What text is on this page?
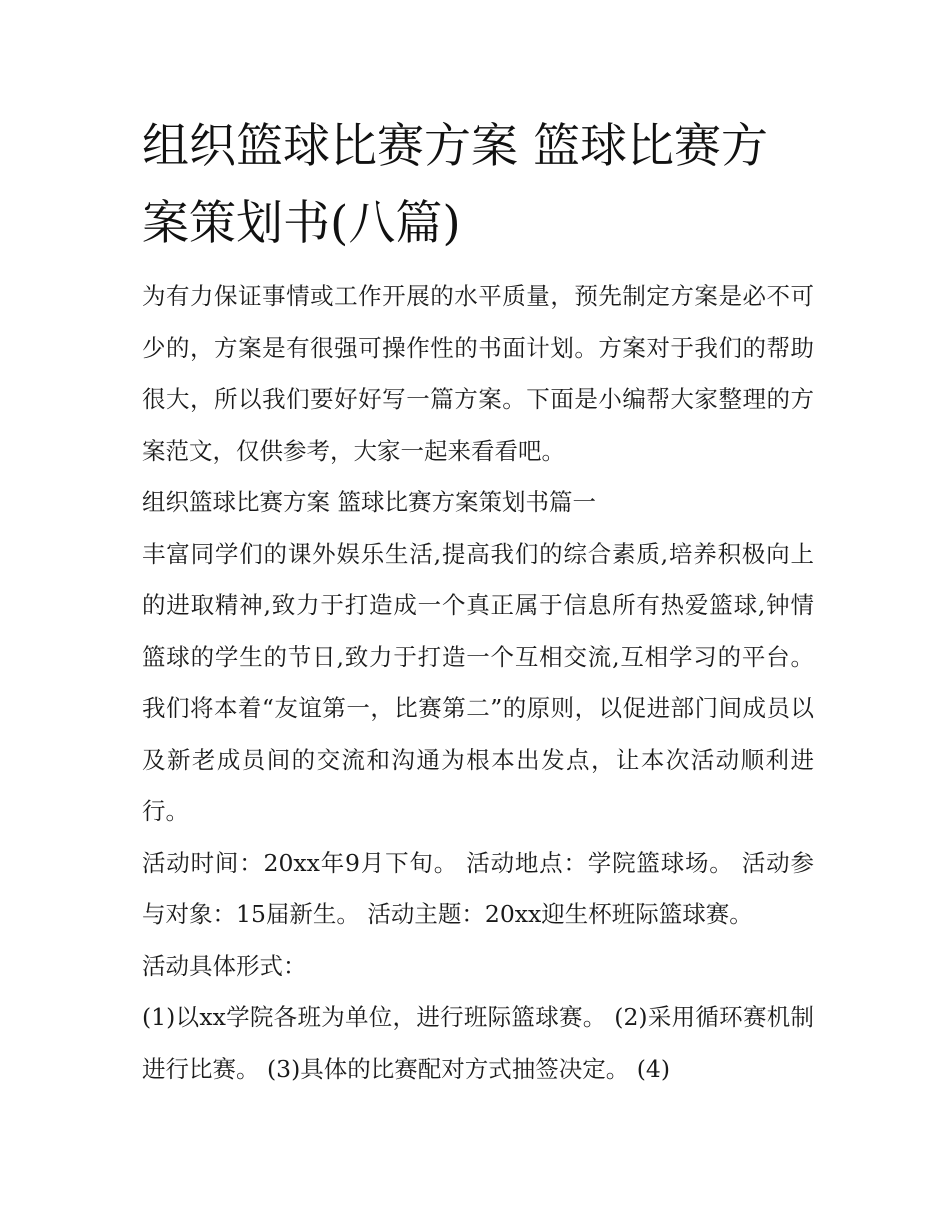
组织篮球比赛方案 篮球比赛方案策划书(八篇)

为有力保证事情或工作开展的水平质量，预先制定方案是必不可少的，方案是有很强可操作性的书面计划。方案对于我们的帮助很大，所以我们要好好写一篇方案。下面是小编帮大家整理的方案范文，仅供参考，大家一起来看看吧。

组织篮球比赛方案 篮球比赛方案策划书篇一

丰富同学们的课外娱乐生活,提高我们的综合素质,培养积极向上的进取精神,致力于打造成一个真正属于信息所有热爱篮球,钟情篮球的学生的节日,致力于打造一个互相交流,互相学习的平台。我们将本着“友谊第一，比赛第二”的原则，以促进部门间成员以及新老成员间的交流和沟通为根本出发点，让本次活动顺利进行。

活动时间：20xx年9月下旬。 活动地点：学院篮球场。 活动参与对象：15届新生。 活动主题：20xx迎生杯班际篮球赛。

活动具体形式：

(1)以xx学院各班为单位，进行班际篮球赛。 (2)采用循环赛机制进行比赛。 (3)具体的比赛配对方式抽签决定。 (4)
